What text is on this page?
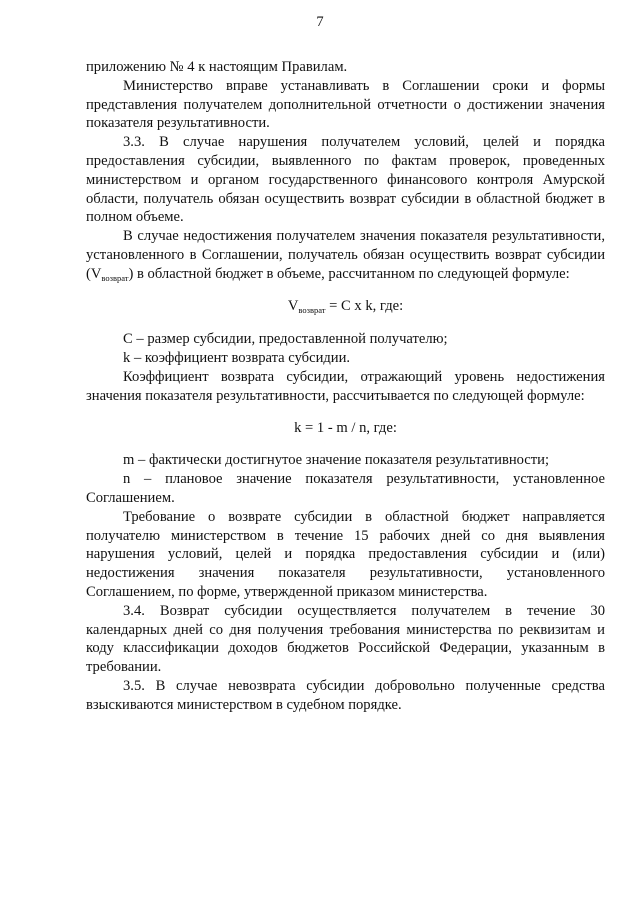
7

приложению № 4 к настоящим Правилам.

Министерство вправе устанавливать в Соглашении сроки и формы представления получателем дополнительной отчетности о достижении значения показателя результативности.

3.3. В случае нарушения получателем условий, целей и порядка предоставления субсидии, выявленного по фактам проверок, проведенных министерством и органом государственного финансового контроля Амурской области, получатель обязан осуществить возврат субсидии в областной бюджет в полном объеме.

В случае недостижения получателем значения показателя результативности, установленного в Соглашении, получатель обязан осуществить возврат субсидии $(V_{возврат})$ в областной бюджет в объеме, рассчитанном по следующей формуле:

$V_{возврат} = C$ x k, где:

C – размер субсидии, предоставленной получателю;

k – коэффициент возврата субсидии.

Коэффициент возврата субсидии, отражающий уровень недостижения значения показателя результативности, рассчитывается по следующей формуле:

k = 1 - m / n, где:

m – фактически достигнутое значение показателя результативности;

n – плановое значение показателя результативности, установленное Соглашением.

Требование о возврате субсидии в областной бюджет направляется получателю министерством в течение 15 рабочих дней со дня выявления нарушения условий, целей и порядка предоставления субсидии и (или) недостижения значения показателя результативности, установленного Соглашением, по форме, утвержденной приказом министерства.

3.4. Возврат субсидии осуществляется получателем в течение 30 календарных дней со дня получения требования министерства по реквизитам и коду классификации доходов бюджетов Российской Федерации, указанным в требовании.

3.5. В случае невозврата субсидии добровольно полученные средства взыскиваются министерством в судебном порядке.
